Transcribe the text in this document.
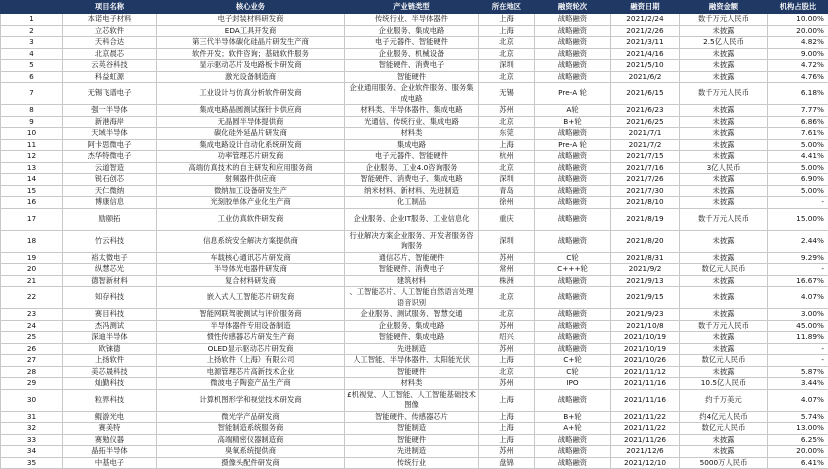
	项目名称	核心业务	产业链类型	所在地区	融资轮次	融资日期	融资金额	机构占股比
1	本诺电子材料	电子封装材料研发商	传统行业、半导体器件	上海	战略融资	2021/2/24	数千万元人民币	10.00%
2	立芯软件	EDA工具开发商	企业服务、集成电路	上海	战略融资	2021/2/26	未披露	20.00%
3	天科合达	第三代半导体碳化硅晶片研发生产商	电子元器件、智能硬件	北京	战略融资	2021/3/11	2.5亿人民币	4.82%
4	北京晨芯	软件开发；软件咨询；基础软件服务	企业服务、机械设备	北京	战略融资	2021/4/16	未披露	9.00%
5	云英谷科技	显示驱动芯片及电路板卡研发商	智能硬件、消费电子	深圳	战略融资	2021/5/10	未披露	4.72%
6	科益虹源	激光设备制造商	智能硬件	北京	战略融资	2021/6/2	未披露	4.76%
7	无锡飞谱电子	工业设计与仿真分析软件研发商	企业通用服务、企业软件服务、服务集成电路	无锡	Pre-A 轮	2021/6/15	数千万元人民币	6.18%
8	强一半导体	集成电路晶圆测试探针卡供应商	材料类、半导体器件、集成电路	苏州	A轮	2021/6/23	未披露	7.77%
9	新港海岸	无晶圆半导体提供商	光通信、传统行业、集成电路	北京	B+轮	2021/6/25	未披露	6.86%
10	天域半导体	碳化硅外延晶片研发商	材料类	东莞	战略融资	2021/7/1	未披露	7.61%
11	阿卡思微电子	集成电路设计自动化系统研发商	集成电路	上海	Pre-A 轮	2021/7/2	未披露	5.00%
12	杰华特微电子	功率管理芯片研发商	电子元器件、智能硬件	杭州	战略融资	2021/7/15	未披露	4.41%
13	云道智造	高端仿真技术的自主研发和应用服务商	企业服务、工业4.0咨询服务	北京	战略融资	2021/7/16	3亿人民币	5.00%
14	锐石创芯	射频器件供应商	智能硬件、消费电子、集成电路	深圳	战略融资	2021/7/26	未披露	6.90%
15	天仁微纳	微纳加工设备研发生产	纳米材料、新材料、先进制造	青岛	战略融资	2021/7/30	未披露	5.00%
16	博康信息	光刻胶单体产业化生产商	化工制品	徐州	战略融资	2021/8/10	未披露	-
17	励颐拓	工业仿真软件研发商	企业服务、企业IT服务、工业信息化	重庆	战略融资	2021/8/19	数千万元人民币	15.00%
18	竹云科技	信息系统安全解决方案提供商	行业解决方案企业服务、开发者服务咨询服务	深圳	战略融资	2021/8/20	未披露	2.44%
19	裕太微电子	车载核心通讯芯片研发商	通信芯片、智能硬件	苏州	C轮	2021/8/31	未披露	9.29%
20	纵慧芯光	半导体光电器件研发商	智能硬件、消费电子	常州	C+++轮	2021/9/2	数亿元人民币	-
21	德智新材料	复合材料研发商	建筑材料	株洲	战略融资	2021/9/13	未披露	16.67%
22	知存科技	嵌入式人工智能芯片研发商	、工智能芯片、人工智能自然语言处理语音识别	北京	战略融资	2021/9/15	未披露	4.07%
23	赛目科技	智能网联驾驶测试与评价服务商	企业服务、测试服务、智慧交通	北京	战略融资	2021/9/23	未披露	3.00%
24	杰冯测试	半导体器件专用设备制造	企业服务、集成电路	苏州	战略融资	2021/10/8	数千万元人民币	45.00%
25	深迪半导体	惯性传感器芯片研发生产商	智能硬件、集成电路	绍兴	战略融资	2021/10/19	未披露	11.89%
26	欧铼德	OLED显示驱动芯片研发商	先进制造	苏州	战略融资	2021/10/19	未披露	-
27	上扬软件	上扬软件（上海）有限公司	人工智能、半导体器件、太阳能光伏	上海	C+轮	2021/10/26	数亿元人民币	-
28	美芯晟科技	电源管理芯片高新技术企业	智能硬件	北京	C轮	2021/11/12	未披露	5.87%
29	灿勤科技	微波电子陶瓷产品生产商	材料类	苏州	IPO	2021/11/16	10.5亿人民币	3.44%
30	粒界科技	计算机图形学和视觉技术研发商	£机视觉、人工智能、人工智能基础技术图像	上海	战略融资	2021/11/16	约千万美元	4.07%
31	鲲游光电	微光学产品研发商	智能硬件、传感器芯片	上海	B+轮	2021/11/22	约4亿元人民币	5.74%
32	赛美特	智能制造系统服务商	智能制造	上海	A+轮	2021/11/22	数亿元人民币	13.00%
33	赛勉仪器	高端精密仪器制造商	智能硬件	上海	战略融资	2021/11/26	未披露	6.25%
34	晶拓半导体	臭氧系统提供商	先进制造	苏州	战略融资	2021/12/6	未披露	20.00%
35	中基电子	摄像头配件研发商	传统行业	盘锦	战略融资	2021/12/10	5000万人民币	6.41%
